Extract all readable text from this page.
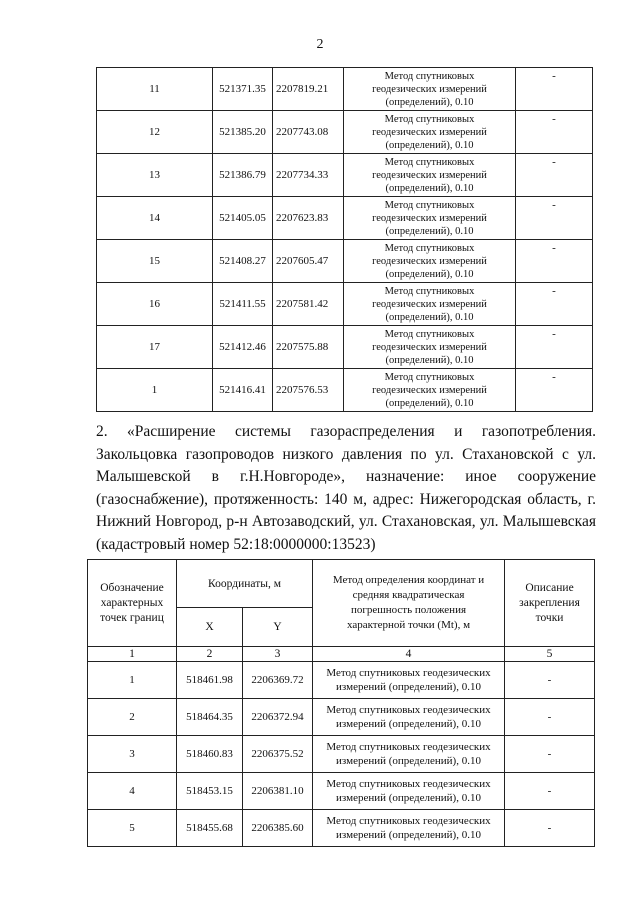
2
11	521371.35	2207819.21	Метод спутниковых
геодезических измерений
(определений), 0.10	-
12	521385.20	2207743.08	Метод спутниковых
геодезических измерений
(определений), 0.10	-
13	521386.79	2207734.33	Метод спутниковых
геодезических измерений
(определений), 0.10	-
14	521405.05	2207623.83	Метод спутниковых
геодезических измерений
(определений), 0.10	-
15	521408.27	2207605.47	Метод спутниковых
геодезических измерений
(определений), 0.10	-
16	521411.55	2207581.42	Метод спутниковых
геодезических измерений
(определений), 0.10	-
17	521412.46	2207575.88	Метод спутниковых
геодезических измерений
(определений), 0.10	-
1	521416.41	2207576.53	Метод спутниковых
геодезических измерений
(определений), 0.10	-
2. «Расширение системы газораспределения и газопотребления. Закольцовка газопроводов низкого давления по ул. Стахановской с ул. Малышевской в г.Н.Новгороде», назначение: иное сооружение (газоснабжение), протяженность: 140 м, адрес: Нижегородская область, г. Нижний Новгород, р-н Автозаводский, ул. Стахановская, ул. Малышевская (кадастровый номер 52:18:0000000:13523)
Обозначение
характерных
точек границ	Координаты, м		Метод определения координат и
средняя квадратическая
погрешность положения
характерной точки (Mt), м	Описание
закрепления
точки
	X	Y		
1	2	3	4	5
1	518461.98	2206369.72	Метод спутниковых геодезических
измерений (определений), 0.10	-
2	518464.35	2206372.94	Метод спутниковых геодезических
измерений (определений), 0.10	-
3	518460.83	2206375.52	Метод спутниковых геодезических
измерений (определений), 0.10	-
4	518453.15	2206381.10	Метод спутниковых геодезических
измерений (определений), 0.10	-
5	518455.68	2206385.60	Метод спутниковых геодезических
измерений (определений), 0.10	-
